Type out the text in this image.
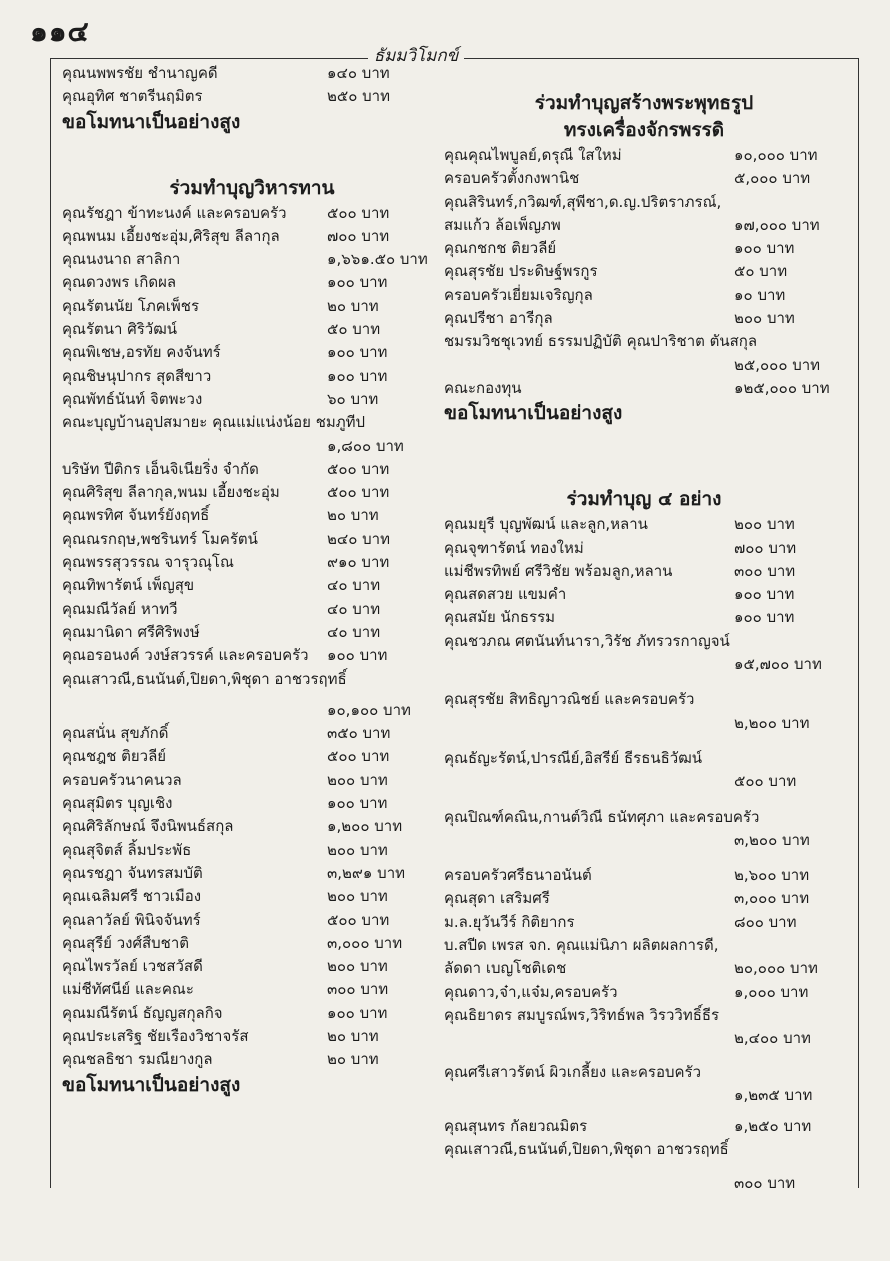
๑๑๔
ธัมมวิโมกข์
คุณนพพรชัย ชำนาญคดี	๑๔๐ บาท
คุณอุทิศ ชาตรีนฤมิตร	๒๕๐ บาท
ขอโมทนาเป็นอย่างสูง
ร่วมทำบุญวิหารทาน
คุณรัชฎา ข้าทะนงค์ และครอบครัว	๕๐๐ บาท
คุณพนม เอี้ยงชะอุ่ม,ศิริสุข ลีลากุล	๗๐๐ บาท
คุณนงนาถ สาลิกา	๑,๖๖๑.๕๐ บาท
คุณดวงพร เกิดผล	๑๐๐ บาท
คุณรัตนนัย โภคเพ็ชร	๒๐ บาท
คุณรัตนา ศิริวัฒน์	๕๐ บาท
คุณพิเชษ,อรทัย คงจันทร์	๑๐๐ บาท
คุณชิษนุปากร สุดสีขาว	๑๐๐ บาท
คุณพัทธ์นันท์ จิตพะวง	๖๐ บาท
คณะบุญบ้านอุปสมายะ คุณแม่แน่งน้อย ชมภูทีป
๑,๘๐๐ บาท
บริษัท ปีติกร เอ็นจิเนียริ่ง จำกัด	๕๐๐ บาท
คุณศิริสุข ลีลากุล,พนม เอี้ยงชะอุ่ม	๕๐๐ บาท
คุณพรทิศ จันทร์ยังฤทธิ์	๒๐ บาท
คุณณรกฤษ,พชรินทร์ โมครัตน์	๒๔๐ บาท
คุณพรรสุวรรณ จารุวณุโณ	๙๑๐ บาท
คุณทิพารัตน์ เพ็ญสุข	๔๐ บาท
คุณมณีวัลย์ หาทวี	๔๐ บาท
คุณมานิดา ศรีศิริพงษ์	๔๐ บาท
คุณอรอนงค์ วงษ์สวรรค์ และครอบครัว ๑๐๐ บาท
คุณเสาวณี,ธนนันต์,ปิยดา,พิชุดา อาชวรฤทธิ์
๑๐,๑๐๐ บาท
คุณสนั่น สุขภักดิ์	๓๕๐ บาท
คุณชฎช ติยวลีย์	๕๐๐ บาท
ครอบครัวนาคนวล	๒๐๐ บาท
คุณสุมิตร บุญเชิง	๑๐๐ บาท
คุณศิริลักษณ์ จึงนิพนธ์สกุล	๑,๒๐๐ บาท
คุณสุจิตส์ ลิ้มประพัธ	๒๐๐ บาท
คุณรชฎา จันทรสมบัติ	๓,๒๙๑ บาท
คุณเฉลิมศรี ชาวเมือง	๒๐๐ บาท
คุณลาวัลย์ พินิจจันทร์	๕๐๐ บาท
คุณสุรีย์ วงศ์สืบชาติ	๓,๐๐๐ บาท
คุณไพรวัลย์ เวชสวัสดี	๒๐๐ บาท
แม่ชีทัศนีย์ และคณะ	๓๐๐ บาท
คุณมณีรัตน์ ธัญญสกุลกิจ	๑๐๐ บาท
คุณประเสริฐ ชัยเรืองวิชาจรัส	๒๐ บาท
คุณชลธิชา รมณียางกูล	๒๐ บาท
ขอโมทนาเป็นอย่างสูง
ร่วมทำบุญสร้างพระพุทธรูป
ทรงเครื่องจักรพรรดิ
คุณคุณไพบูลย์,ดรุณี ใสใหม่	๑๐,๐๐๐ บาท
ครอบครัวตั้งกงพานิช	๕,๐๐๐ บาท
คุณสิรินทร์,กวิฒฑ์,สุพีชา,ด.ญ.ปริตราภรณ์,
สมแก้ว ล้อเพ็ญภพ	๑๗,๐๐๐ บาท
คุณกชกช ติยวลีย์	๑๐๐ บาท
คุณสุรชัย ประดิษฐ์พรกูร	๕๐ บาท
ครอบครัวเยี่ยมเจริญกุล	๑๐ บาท
คุณปรีชา อารีกุล	๒๐๐ บาท
ชมรมวิชชุเวทย์ ธรรมปฏิบัติ คุณปาริชาต ตันสกุล
๒๕,๐๐๐ บาท
คณะกองทุน	๑๒๕,๐๐๐ บาท
ขอโมทนาเป็นอย่างสูง
ร่วมทำบุญ ๔ อย่าง
คุณมยุรี บุญพัฒน์ และลูก,หลาน	๒๐๐ บาท
คุณจุฑารัตน์ ทองใหม่	๗๐๐ บาท
แม่ชีพรทิพย์ ศรีวิชัย พร้อมลูก,หลาน	๓๐๐ บาท
คุณสดสวย แขมคำ	๑๐๐ บาท
คุณสมัย นักธรรม	๑๐๐ บาท
คุณชวภณ ศตนันท์นารา,วิรัช ภัทรวรกาญจน์
๑๕,๗๐๐ บาท
คุณสุรชัย สิทธิญาวณิชย์ และครอบครัว
๒,๒๐๐ บาท
คุณธัญะรัตน์,ปารณีย์,อิสรีย์ ธีรธนธิวัฒน์
๕๐๐ บาท
คุณปิณฑ์คณิน,กานต์วิณี ธนัทศุภา และครอบครัว
๓,๒๐๐ บาท
ครอบครัวศรีธนาอนันต์	๒,๖๐๐ บาท
คุณสุดา เสริมศรี	๓,๐๐๐ บาท
ม.ล.ยุวันวีร์ กิติยากร	๘๐๐ บาท
บ.สปีด เพรส จก. คุณแม่นิภา ผลิตผลการดี,
ลัดดา เบญโชติเดช	๒๐,๐๐๐ บาท
คุณดาว,จ๋า,แจ๋ม,ครอบครัว	๑,๐๐๐ บาท
คุณธิยาดร สมบูรณ์พร,วิริทธ์พล วิรววิทธิ์ธีร
๒,๔๐๐ บาท
คุณศรีเสาวรัตน์ ผิวเกลี้ยง และครอบครัว
๑,๒๓๕ บาท
คุณสุนทร กัลยวณมิตร	๑,๒๕๐ บาท
คุณเสาวณี,ธนนันต์,ปิยดา,พิชุดา อาชวรฤทธิ์
๓๐๐ บาท
